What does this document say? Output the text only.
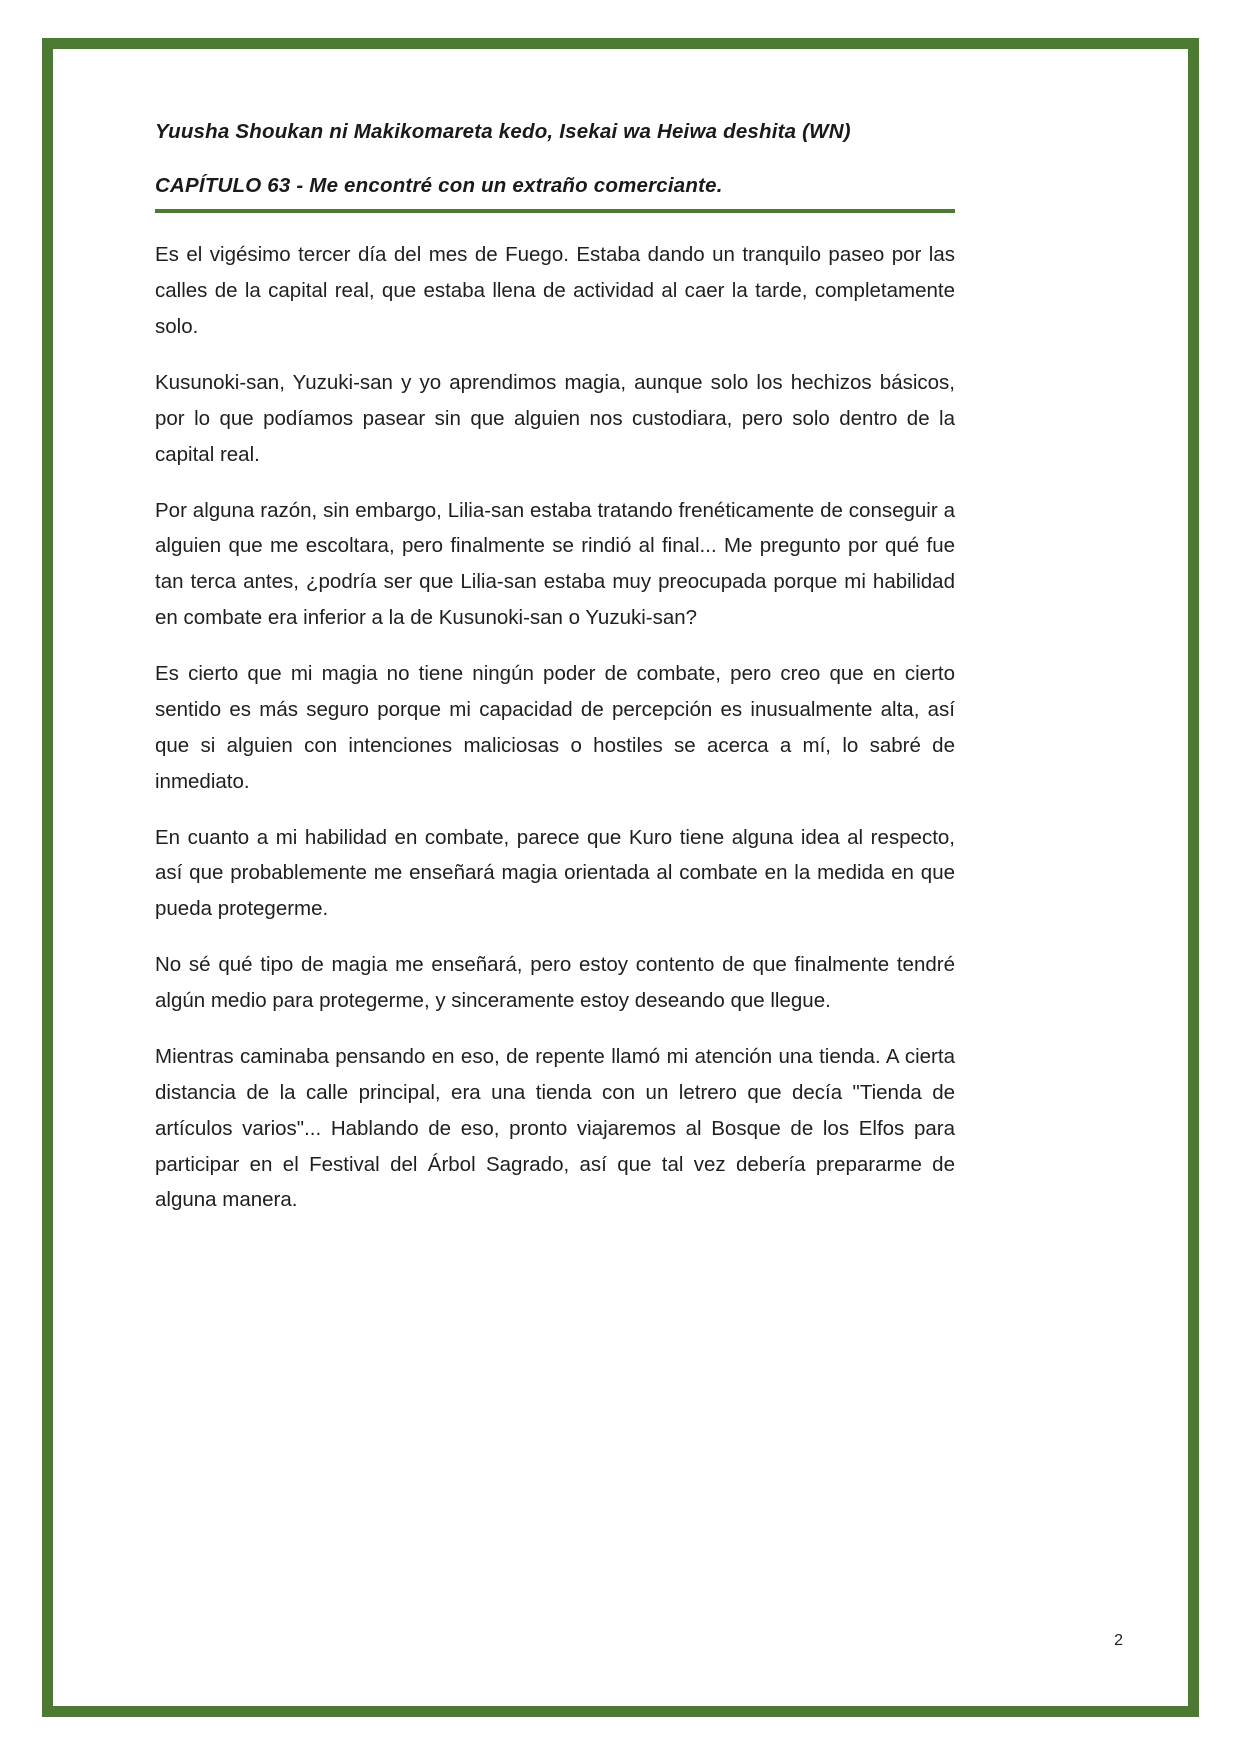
Yuusha Shoukan ni Makikomareta kedo, Isekai wa Heiwa deshita (WN)
CAPÍTULO 63 - Me encontré con un extraño comerciante.

Es el vigésimo tercer día del mes de Fuego. Estaba dando un tranquilo paseo por las calles de la capital real, que estaba llena de actividad al caer la tarde, completamente solo.

Kusunoki-san, Yuzuki-san y yo aprendimos magia, aunque solo los hechizos básicos, por lo que podíamos pasear sin que alguien nos custodiara, pero solo dentro de la capital real.

Por alguna razón, sin embargo, Lilia-san estaba tratando frenéticamente de conseguir a alguien que me escoltara, pero finalmente se rindió al final... Me pregunto por qué fue tan terca antes, ¿podría ser que Lilia-san estaba muy preocupada porque mi habilidad en combate era inferior a la de Kusunoki-san o Yuzuki-san?

Es cierto que mi magia no tiene ningún poder de combate, pero creo que en cierto sentido es más seguro porque mi capacidad de percepción es inusualmente alta, así que si alguien con intenciones maliciosas o hostiles se acerca a mí, lo sabré de inmediato.

En cuanto a mi habilidad en combate, parece que Kuro tiene alguna idea al respecto, así que probablemente me enseñará magia orientada al combate en la medida en que pueda protegerme.

No sé qué tipo de magia me enseñará, pero estoy contento de que finalmente tendré algún medio para protegerme, y sinceramente estoy deseando que llegue.

Mientras caminaba pensando en eso, de repente llamó mi atención una tienda. A cierta distancia de la calle principal, era una tienda con un letrero que decía "Tienda de artículos varios"... Hablando de eso, pronto viajaremos al Bosque de los Elfos para participar en el Festival del Árbol Sagrado, así que tal vez debería prepararme de alguna manera.

2
